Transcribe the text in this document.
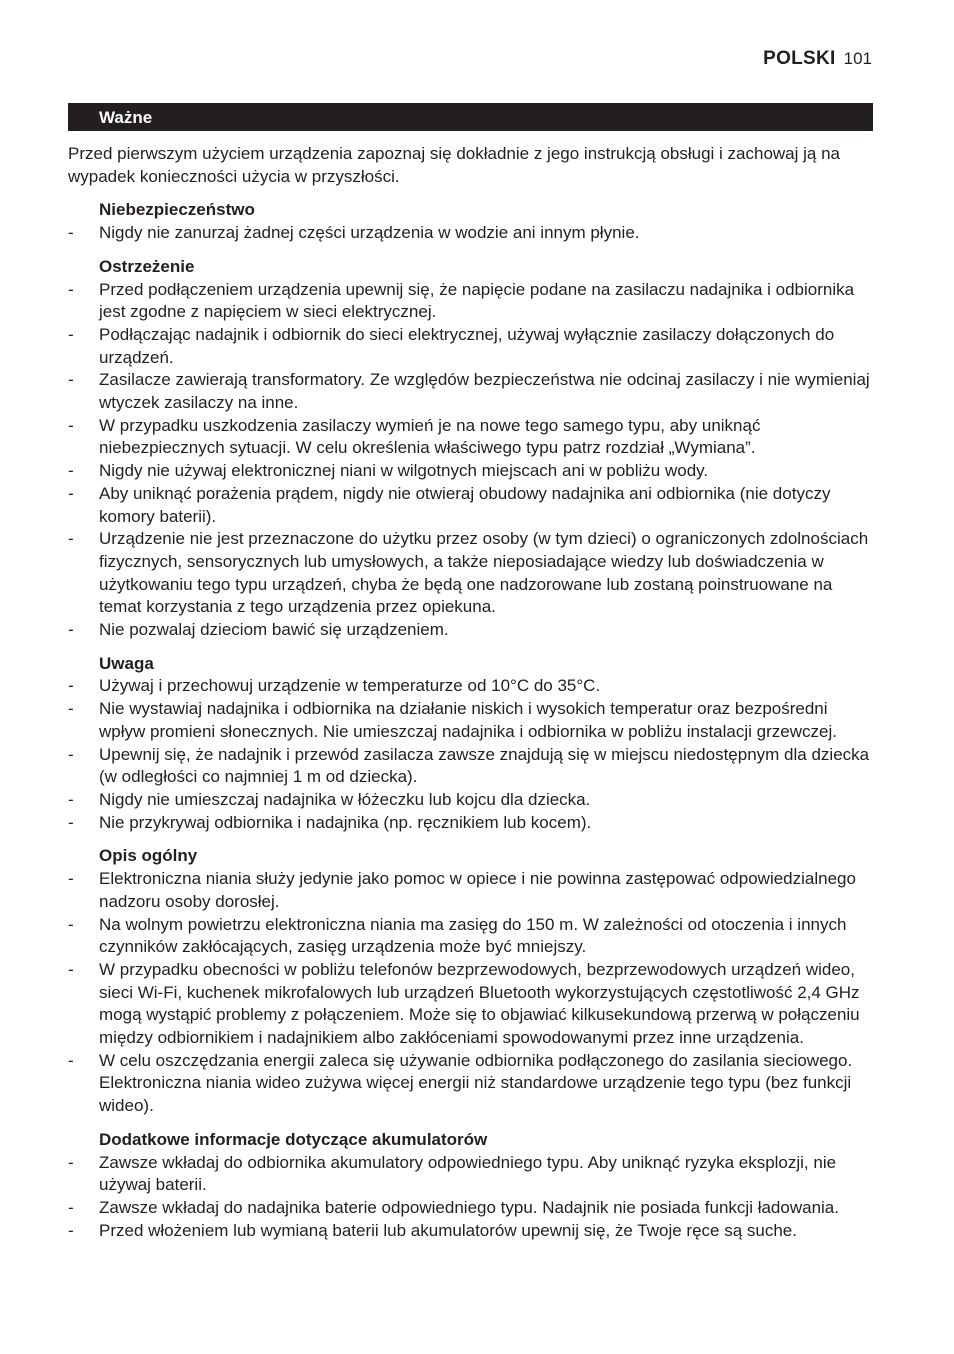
POLSKI 101
Ważne

Przed pierwszym użyciem urządzenia zapoznaj się dokładnie z jego instrukcją obsługi i zachowaj ją na wypadek konieczności użycia w przyszłości.

Niebezpieczeństwo

- Nigdy nie zanurzaj żadnej części urządzenia w wodzie ani innym płynie.

Ostrzeżenie

- Przed podłączeniem urządzenia upewnij się, że napięcie podane na zasilaczu nadajnika i odbiornika jest zgodne z napięciem w sieci elektrycznej.
- Podłączając nadajnik i odbiornik do sieci elektrycznej, używaj wyłącznie zasilaczy dołączonych do urządzeń.
- Zasilacze zawierają transformatory. Ze względów bezpieczeństwa nie odcinaj zasilaczy i nie wymieniaj wtyczek zasilaczy na inne.
- W przypadku uszkodzenia zasilaczy wymień je na nowe tego samego typu, aby uniknąć niebezpiecznych sytuacji. W celu określenia właściwego typu patrz rozdział „Wymiana”.
- Nigdy nie używaj elektronicznej niani w wilgotnych miejscach ani w pobliżu wody.
- Aby uniknąć porażenia prądem, nigdy nie otwieraj obudowy nadajnika ani odbiornika (nie dotyczy komory baterii).
- Urządzenie nie jest przeznaczone do użytku przez osoby (w tym dzieci) o ograniczonych zdolnościach fizycznych, sensorycznych lub umysłowych, a także nieposiadające wiedzy lub doświadczenia w użytkowaniu tego typu urządzeń, chyba że będą one nadzorowane lub zostaną poinstruowane na temat korzystania z tego urządzenia przez opiekuna.
- Nie pozwalaj dzieciom bawić się urządzeniem.

Uwaga

- Używaj i przechowuj urządzenie w temperaturze od 10°C do 35°C.
- Nie wystawiaj nadajnika i odbiornika na działanie niskich i wysokich temperatur oraz bezpośredni wpływ promieni słonecznych. Nie umieszczaj nadajnika i odbiornika w pobliżu instalacji grzewczej.
- Upewnij się, że nadajnik i przewód zasilacza zawsze znajdują się w miejscu niedostępnym dla dziecka (w odległości co najmniej 1 m od dziecka).
- Nigdy nie umieszczaj nadajnika w łóżeczku lub kojcu dla dziecka.
- Nie przykrywaj odbiornika i nadajnika (np. ręcznikiem lub kocem).

Opis ogólny

- Elektroniczna niania służy jedynie jako pomoc w opiece i nie powinna zastępować odpowiedzialnego nadzoru osoby dorosłej.
- Na wolnym powietrzu elektroniczna niania ma zasięg do 150 m. W zależności od otoczenia i innych czynników zakłócających, zasięg urządzenia może być mniejszy.
- W przypadku obecności w pobliżu telefonów bezprzewodowych, bezprzewodowych urządzeń wideo, sieci Wi-Fi, kuchenek mikrofalowych lub urządzeń Bluetooth wykorzystujących częstotliwość 2,4 GHz mogą wystąpić problemy z połączeniem. Może się to objawiać kilkusekundową przerwą w połączeniu między odbiornikiem i nadajnikiem albo zakłóceniami spowodowanymi przez inne urządzenia.
- W celu oszczędzania energii zaleca się używanie odbiornika podłączonego do zasilania sieciowego. Elektroniczna niania wideo zużywa więcej energii niż standardowe urządzenie tego typu (bez funkcji wideo).

Dodatkowe informacje dotyczące akumulatorów

- Zawsze wkładaj do odbiornika akumulatory odpowiedniego typu. Aby uniknąć ryzyka eksplozji, nie używaj baterii.
- Zawsze wkładaj do nadajnika baterie odpowiedniego typu. Nadajnik nie posiada funkcji ładowania.
- Przed włożeniem lub wymianą baterii lub akumulatorów upewnij się, że Twoje ręce są suche.
